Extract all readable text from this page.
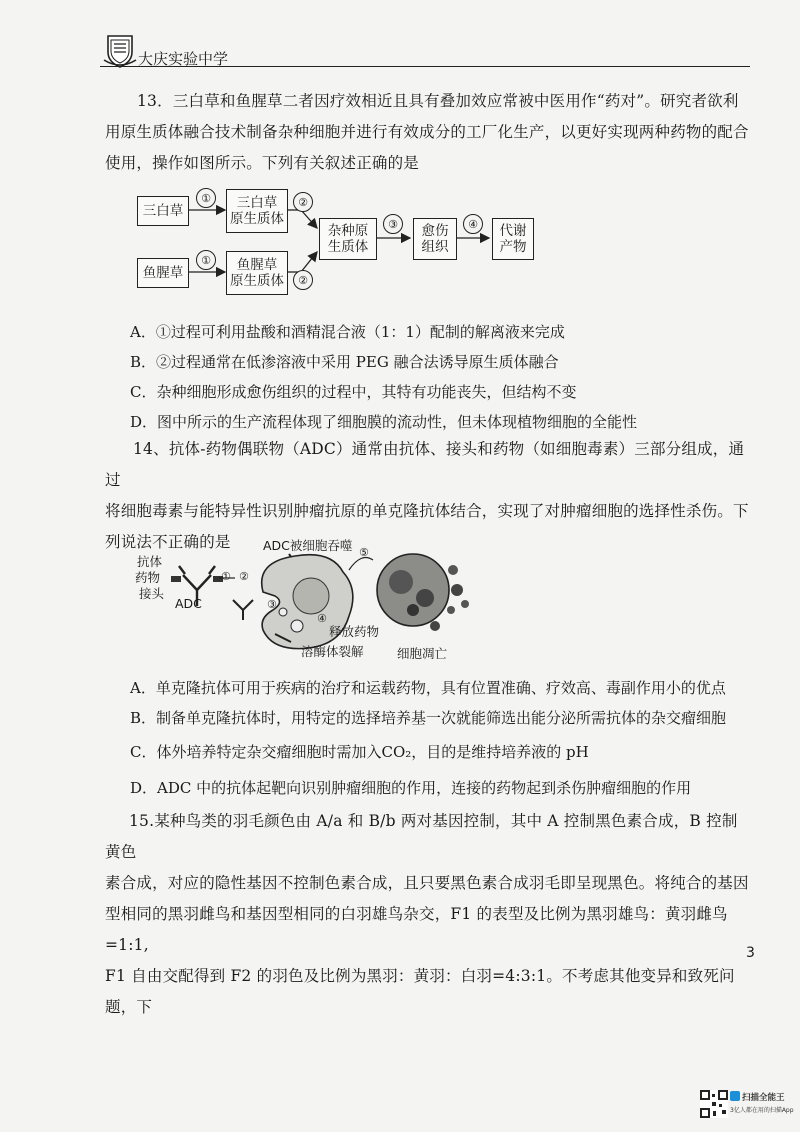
大庆实验中学
13．三白草和鱼腥草二者因疗效相近且具有叠加效应常被中医用作“药对”。研究者欲利
用原生质体融合技术制备杂种细胞并进行有效成分的工厂化生产，以更好实现两种药物的配合
使用，操作如图所示。下列有关叙述正确的是
三白草
鱼腥草
三白草
原生质体
鱼腥草
原生质体
杂种原
生质体
愈伤
组织
代谢
产物
①
①
②
②
③	④
A．①过程可利用盐酸和酒精混合液（1：1）配制的解离液来完成
B．②过程通常在低渗溶液中采用 PEG 融合法诱导原生质体融合
C．杂种细胞形成愈伤组织的过程中，其特有功能丧失，但结构不变
D．图中所示的生产流程体现了细胞膜的流动性，但未体现植物细胞的全能性
14、抗体-药物偶联物（ADC）通常由抗体、接头和药物（如细胞毒素）三部分组成，通过
将细胞毒素与能特异性识别肿瘤抗原的单克隆抗体结合，实现了对肿瘤细胞的选择性杀伤。下
列说法不正确的是
抗体
药物
接头
ADC
ADC被细胞吞噬
释放药物
溶酶体裂解	细胞凋亡
① ②
③
④
⑤
A．单克隆抗体可用于疾病的治疗和运载药物，具有位置准确、疗效高、毒副作用小的优点
B．制备单克隆抗体时，用特定的选择培养基一次就能筛选出能分泌所需抗体的杂交瘤细胞
C．体外培养特定杂交瘤细胞时需加入CO₂，目的是维持培养液的 pH
D．ADC 中的抗体起靶向识别肿瘤细胞的作用，连接的药物起到杀伤肿瘤细胞的作用
15.某种鸟类的羽毛颜色由 A/a 和 B/b 两对基因控制，其中 A 控制黑色素合成，B 控制黄色
素合成，对应的隐性基因不控制色素合成，且只要黑色素合成羽毛即呈现黑色。将纯合的基因
型相同的黑羽雌鸟和基因型相同的白羽雄鸟杂交，F1 的表型及比例为黑羽雄鸟：黄羽雌鸟=1:1,
F1 自由交配得到 F2 的羽色及比例为黑羽：黄羽：白羽=4:3:1。不考虑其他变异和致死问题，下
3
扫描全能王
3亿人都在用的扫描App
